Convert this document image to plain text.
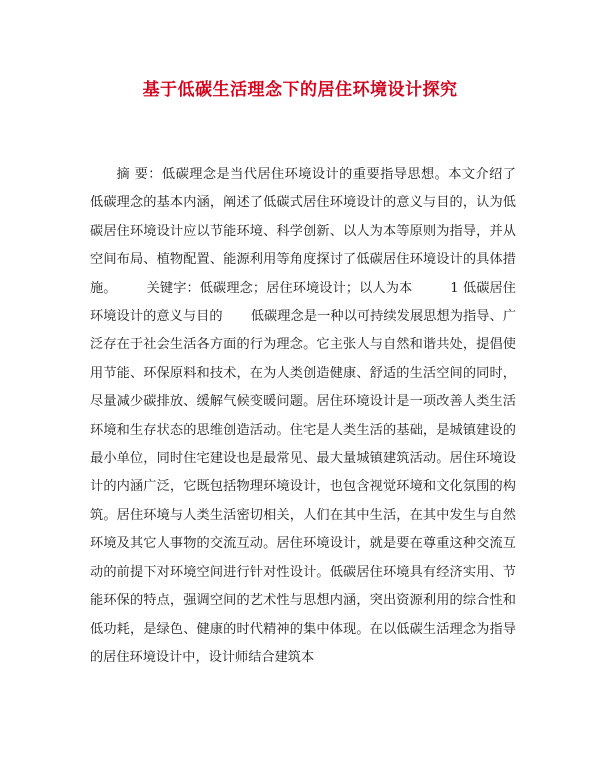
基于低碳生活理念下的居住环境设计探究

摘 要：低碳理念是当代居住环境设计的重要指导思想。本文介绍了低碳理念的基本内涵，阐述了低碳式居住环境设计的意义与目的，认为低碳居住环境设计应以节能环境、科学创新、以人为本等原则为指导，并从空间布局、植物配置、能源利用等角度探讨了低碳居住环境设计的具体措施。 关键字：低碳理念；居住环境设计；以人为本	1 低碳居住环境设计的意义与目的 低碳理念是一种以可持续发展思想为指导、广泛存在于社会生活各方面的行为理念。它主张人与自然和谐共处，提倡使用节能、环保原料和技术，在为人类创造健康、舒适的生活空间的同时，尽量减少碳排放、缓解气候变暖问题。居住环境设计是一项改善人类生活环境和生存状态的思维创造活动。住宅是人类生活的基础，是城镇建设的最小单位，同时住宅建设也是最常见、最大量城镇建筑活动。居住环境设计的内涵广泛，它既包括物理环境设计，也包含视觉环境和文化氛围的构筑。居住环境与人类生活密切相关，人们在其中生活，在其中发生与自然环境及其它人事物的交流互动。居住环境设计，就是要在尊重这种交流互动的前提下对环境空间进行针对性设计。低碳居住环境具有经济实用、节能环保的特点，强调空间的艺术性与思想内涵，突出资源利用的综合性和低功耗，是绿色、健康的时代精神的集中体现。在以低碳生活理念为指导的居住环境设计中，设计师结合建筑本
